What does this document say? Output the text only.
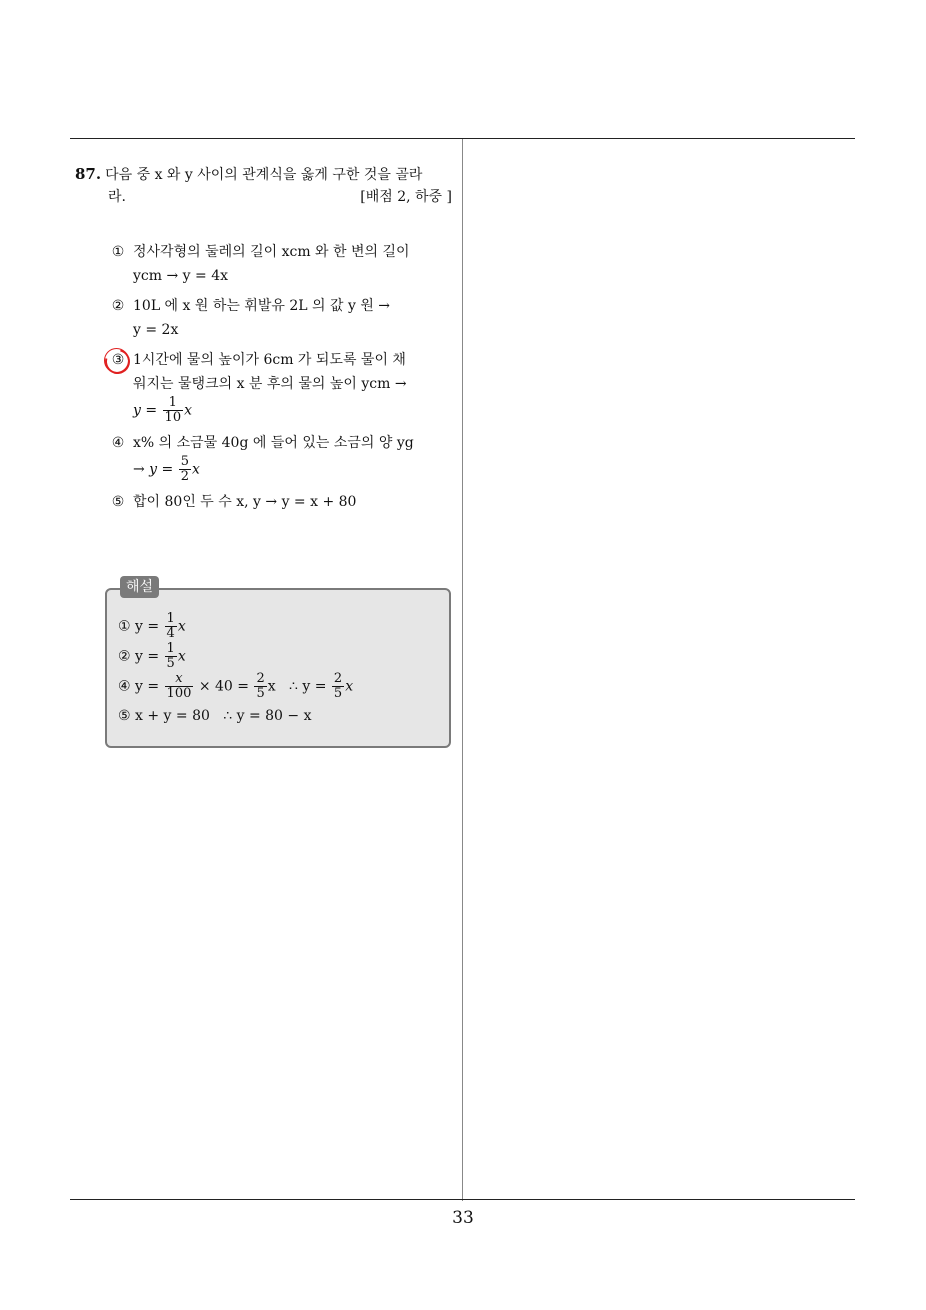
87. 다음 중 x 와 y 사이의 관계식을 옳게 구한 것을 골라
라.	[배점 2, 하중 ]
① 정사각형의 둘레의 길이 xcm 와 한 변의 길이
ycm → y = 4x
② 10L 에 x 원 하는 휘발유 2L 의 값 y 원 →
y = 2x
③ 1시간에 물의 높이가 6cm 가 되도록 물이 채
워지는 물탱크의 x 분 후의 물의 높이 ycm →
$y = \frac{1}{10}$ x
④ x% 의 소금물 40g 에 들어 있는 소금의 양 yg
→ $y = \frac{5}{2}$ x
⑤ 합이 80인 두 수 x, y → y = x + 80
해설
① $y = \frac{1}{4}$ x
② $y = \frac{1}{5}$ x
④ $y = \frac{x}{100} \times 40 = \frac{2}{5}$ x   ∴ $y = \frac{2}{5}$ x
⑤ x + y = 80   ∴ y = 80 − x
33
